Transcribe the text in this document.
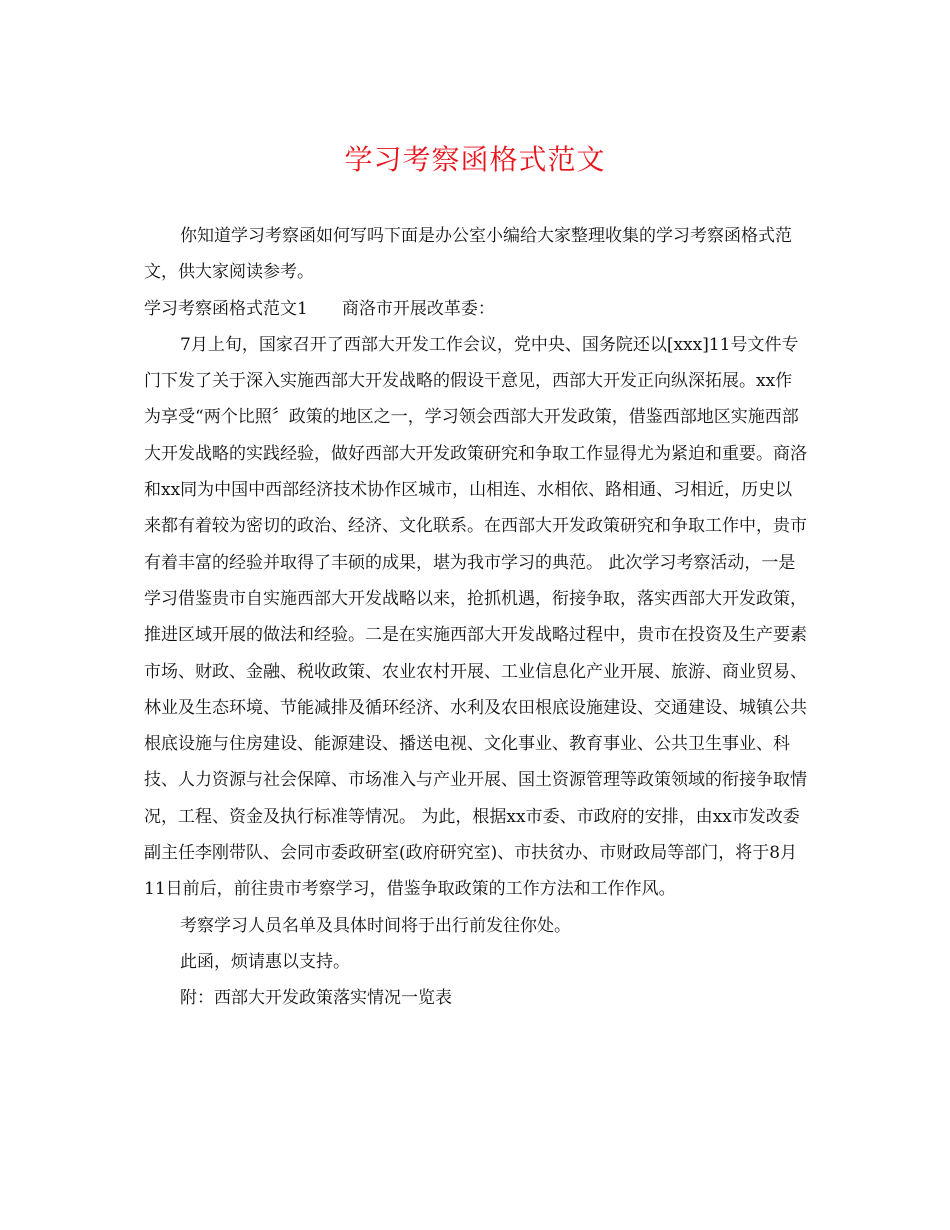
学习考察函格式范文

你知道学习考察函如何写吗下面是办公室小编给大家整理收集的学习考察函格式范文，供大家阅读参考。

学习考察函格式范文1 商洛市开展改革委：

7月上旬，国家召开了西部大开发工作会议，党中央、国务院还以[xxx]11号文件专门下发了关于深入实施西部大开发战略的假设干意见，西部大开发正向纵深拓展。xx作为享受“两个比照〞政策的地区之一，学习领会西部大开发政策，借鉴西部地区实施西部大开发战略的实践经验，做好西部大开发政策研究和争取工作显得尤为紧迫和重要。商洛和xx同为中国中西部经济技术协作区城市，山相连、水相依、路相通、习相近，历史以来都有着较为密切的政治、经济、文化联系。在西部大开发政策研究和争取工作中，贵市有着丰富的经验并取得了丰硕的成果，堪为我市学习的典范。 此次学习考察活动，一是学习借鉴贵市自实施西部大开发战略以来，抢抓机遇，衔接争取，落实西部大开发政策，推进区域开展的做法和经验。二是在实施西部大开发战略过程中，贵市在投资及生产要素市场、财政、金融、税收政策、农业农村开展、工业信息化产业开展、旅游、商业贸易、林业及生态环境、节能减排及循环经济、水利及农田根底设施建设、交通建设、城镇公共根底设施与住房建设、能源建设、播送电视、文化事业、教育事业、公共卫生事业、科技、人力资源与社会保障、市场准入与产业开展、国土资源管理等政策领域的衔接争取情况，工程、资金及执行标准等情况。 为此，根据xx市委、市政府的安排，由xx市发改委副主任李刚带队、会同市委政研室(政府研究室)、市扶贫办、市财政局等部门，将于8月11日前后，前往贵市考察学习，借鉴争取政策的工作方法和工作作风。

考察学习人员名单及具体时间将于出行前发往你处。

此函，烦请惠以支持。

附：西部大开发政策落实情况一览表
